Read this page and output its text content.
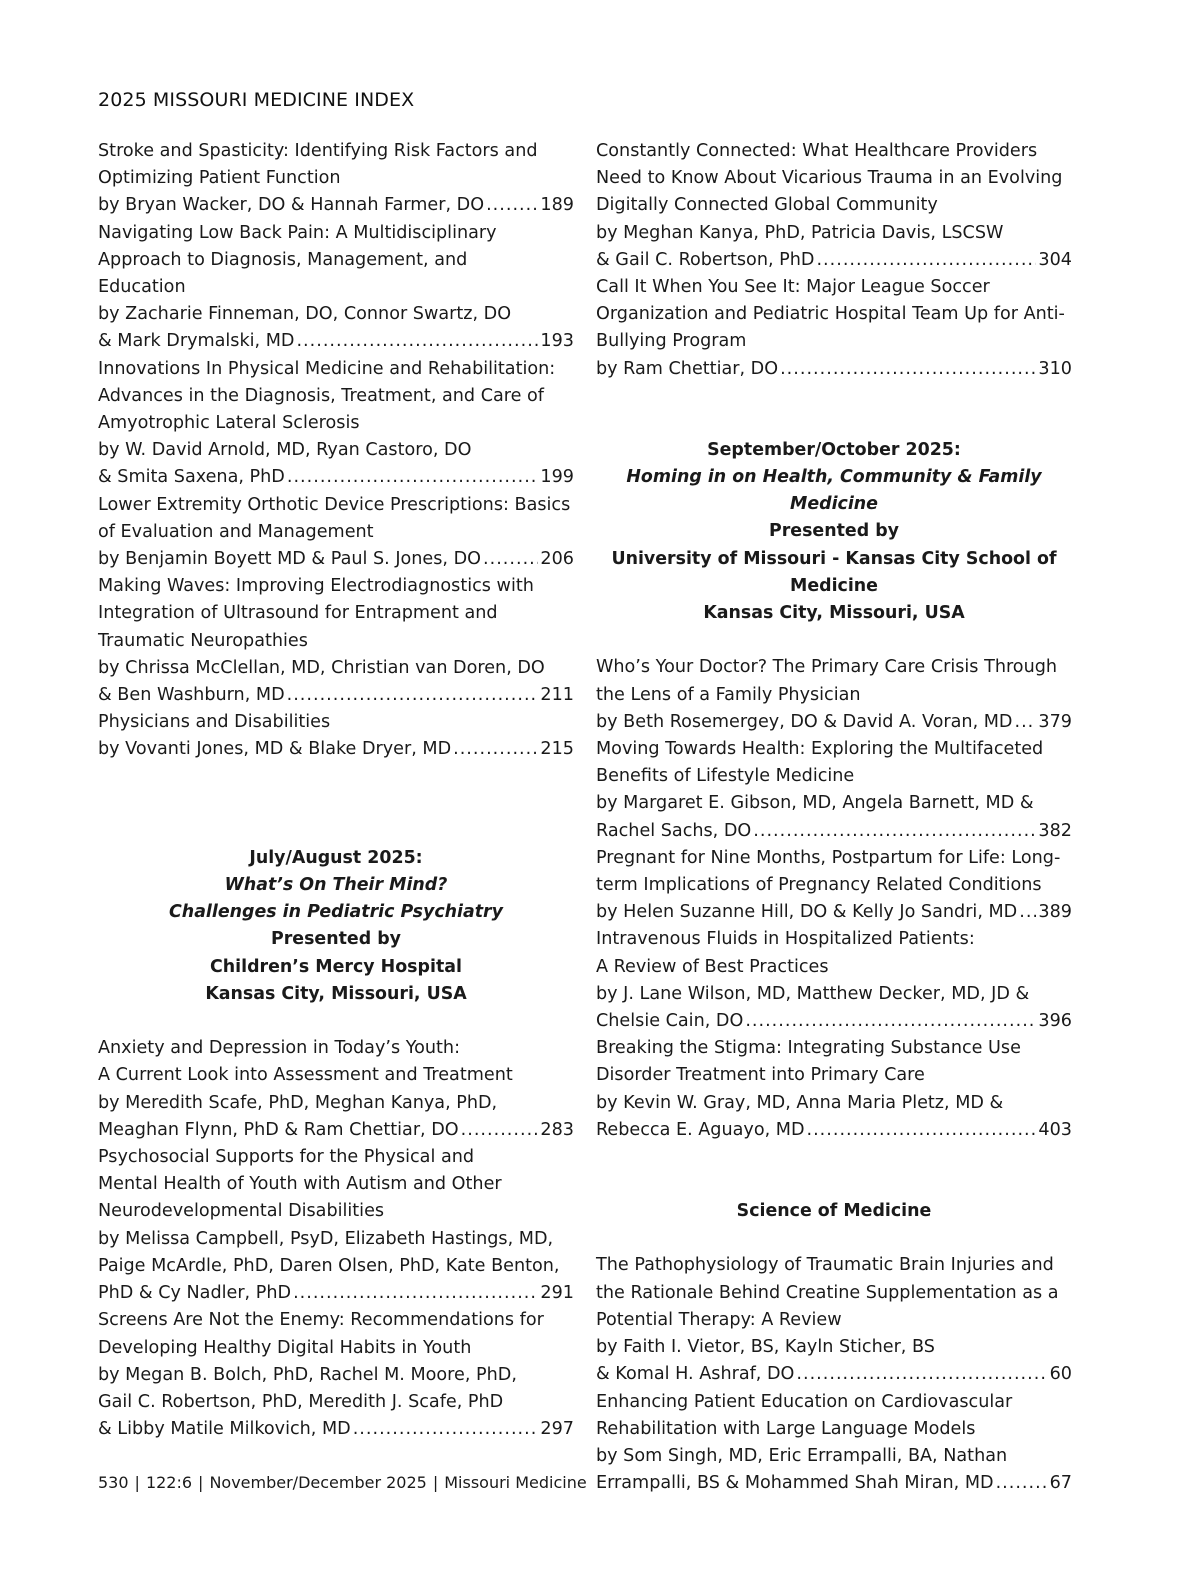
2025 MISSOURI MEDICINE INDEX
Stroke and Spasticity: Identifying Risk Factors and
Optimizing Patient Function
by Bryan Wacker, DO & Hannah Farmer, DO .....	189
Navigating Low Back Pain: A Multidisciplinary
Approach to Diagnosis, Management, and
Education
by Zacharie Finneman, DO, Connor Swartz, DO
& Mark Drymalski, MD .....	193
Innovations In Physical Medicine and Rehabilitation:
Advances in the Diagnosis, Treatment, and Care of
Amyotrophic Lateral Sclerosis
by W. David Arnold, MD, Ryan Castoro, DO
& Smita Saxena, PhD .....	199
Lower Extremity Orthotic Device Prescriptions: Basics
of Evaluation and Management
by Benjamin Boyett MD & Paul S. Jones, DO .....	206
Making Waves: Improving Electrodiagnostics with
Integration of Ultrasound for Entrapment and
Traumatic Neuropathies
by Chrissa McClellan, MD, Christian van Doren, DO
& Ben Washburn, MD .....	211
Physicians and Disabilities
by Vovanti Jones, MD & Blake Dryer, MD .....	215
July/August 2025:
What’s On Their Mind?
Challenges in Pediatric Psychiatry
Presented by
Children’s Mercy Hospital
Kansas City, Missouri, USA
Anxiety and Depression in Today’s Youth:
A Current Look into Assessment and Treatment
by Meredith Scafe, PhD, Meghan Kanya, PhD,
Meaghan Flynn, PhD & Ram Chettiar, DO .....	283
Psychosocial Supports for the Physical and
Mental Health of Youth with Autism and Other
Neurodevelopmental Disabilities
by Melissa Campbell, PsyD, Elizabeth Hastings, MD,
Paige McArdle, PhD, Daren Olsen, PhD, Kate Benton,
PhD & Cy Nadler, PhD .....	291
Screens Are Not the Enemy: Recommendations for
Developing Healthy Digital Habits in Youth
by Megan B. Bolch, PhD, Rachel M. Moore, PhD,
Gail C. Robertson, PhD, Meredith J. Scafe, PhD
& Libby Matile Milkovich, MD .....	297
Constantly Connected: What Healthcare Providers
Need to Know About Vicarious Trauma in an Evolving
Digitally Connected Global Community
by Meghan Kanya, PhD, Patricia Davis, LSCSW
& Gail C. Robertson, PhD .....	304
Call It When You See It: Major League Soccer
Organization and Pediatric Hospital Team Up for Anti-
Bullying Program
by Ram Chettiar, DO .....	310
September/October 2025:
Homing in on Health, Community & Family Medicine
Presented by
University of Missouri - Kansas City School of Medicine
Kansas City, Missouri, USA
Who’s Your Doctor? The Primary Care Crisis Through
the Lens of a Family Physician
by Beth Rosemergey, DO & David A. Voran, MD ..... 379
Moving Towards Health: Exploring the Multifaceted
Benefits of Lifestyle Medicine
by Margaret E. Gibson, MD, Angela Barnett, MD &
Rachel Sachs, DO .....	382
Pregnant for Nine Months, Postpartum for Life: Long-
term Implications of Pregnancy Related Conditions
by Helen Suzanne Hill, DO & Kelly Jo Sandri, MD ..... 389
Intravenous Fluids in Hospitalized Patients:
A Review of Best Practices
by J. Lane Wilson, MD, Matthew Decker, MD, JD &
Chelsie Cain, DO .....	396
Breaking the Stigma: Integrating Substance Use
Disorder Treatment into Primary Care
by Kevin W. Gray, MD, Anna Maria Pletz, MD &
Rebecca E. Aguayo, MD .....	403
Science of Medicine
The Pathophysiology of Traumatic Brain Injuries and
the Rationale Behind Creatine Supplementation as a
Potential Therapy: A Review
by Faith I. Vietor, BS, Kayln Sticher, BS
& Komal H. Ashraf, DO .....	60
Enhancing Patient Education on Cardiovascular
Rehabilitation with Large Language Models
by Som Singh, MD, Eric Errampalli, BA, Nathan
Errampalli, BS & Mohammed Shah Miran, MD .....	67
530 | 122:6 | November/December 2025 | Missouri Medicine
